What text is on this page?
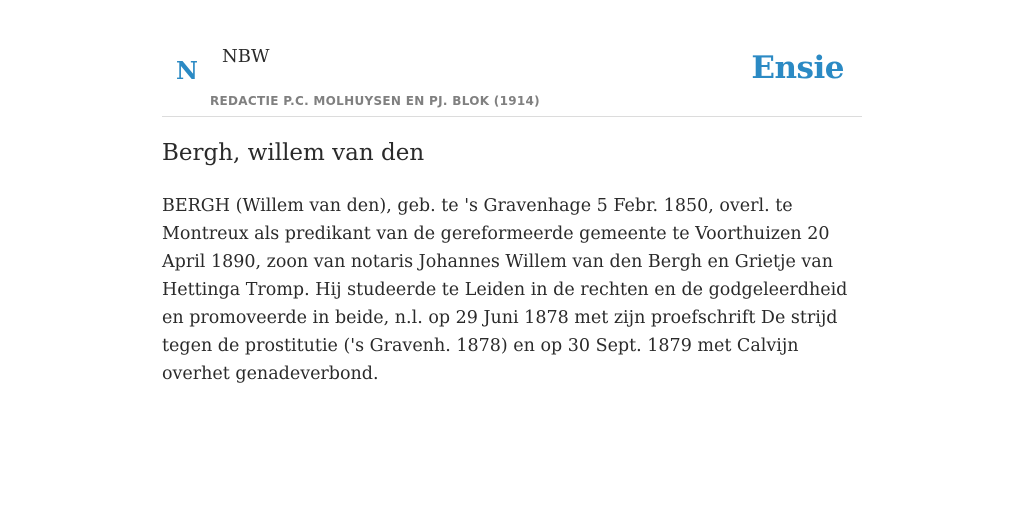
N NBW
REDACTIE P.C. MOLHUYSEN EN PJ. BLOK (1914)
Ensie
Bergh, willem van den

BERGH (Willem van den), geb. te 's Gravenhage 5 Febr. 1850, overl. te Montreux als predikant van de gereformeerde gemeente te Voorthuizen 20 April 1890, zoon van notaris Johannes Willem van den Bergh en Grietje van Hettinga Tromp. Hij studeerde te Leiden in de rechten en de godgeleerdheid en promoveerde in beide, n.l. op 29 Juni 1878 met zijn proefschrift De strijd tegen de prostitutie ('s Gravenh. 1878) en op 30 Sept. 1879 met Calvijn overhet genadeverbond.
